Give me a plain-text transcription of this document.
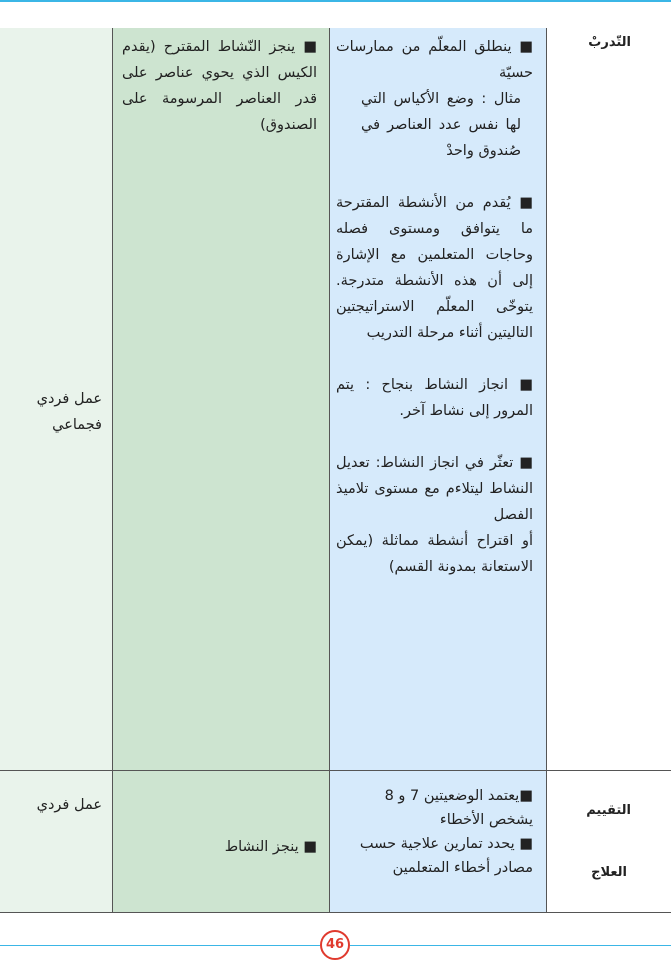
التّدربْ

■ ينطلق المعلّم من ممارسات حسيّة

مثال : وضع الأكياس التي لها نفس عدد العناصر في صُندوق واحدْ

■ يُقدم من الأنشطة المقترحة ما يتوافق ومستوى فصله وحاجات المتعلمين مع الإشارة إلى أن هذه الأنشطة متدرجة. يتوخّى المعلّم الاستراتيجتين التاليتين أثناء مرحلة التدريب

■ انجاز النشاط بنجاح : يتم المرور إلى نشاط آخر.

■ تعثّر في انجاز النشاط: تعديل النشاط ليتلاءم مع مستوى تلاميذ الفصل

أو اقتراح أنشطة مماثلة (يمكن الاستعانة بمدونة القسم)

■ ينجز النّشاط المقترح (يقدم الكيس الذي يحوي عناصر على قدر العناصر المرسومة على الصندوق)
عمل فردي فجماعي
التقييم
العلاج

■يعتمد الوضعيتين 7 و 8 يشخص الأخطاء

■ يحدد تمارين علاجية حسب مصادر أخطاء المتعلمين

■ ينجز النشاط
عمل فردي
46
